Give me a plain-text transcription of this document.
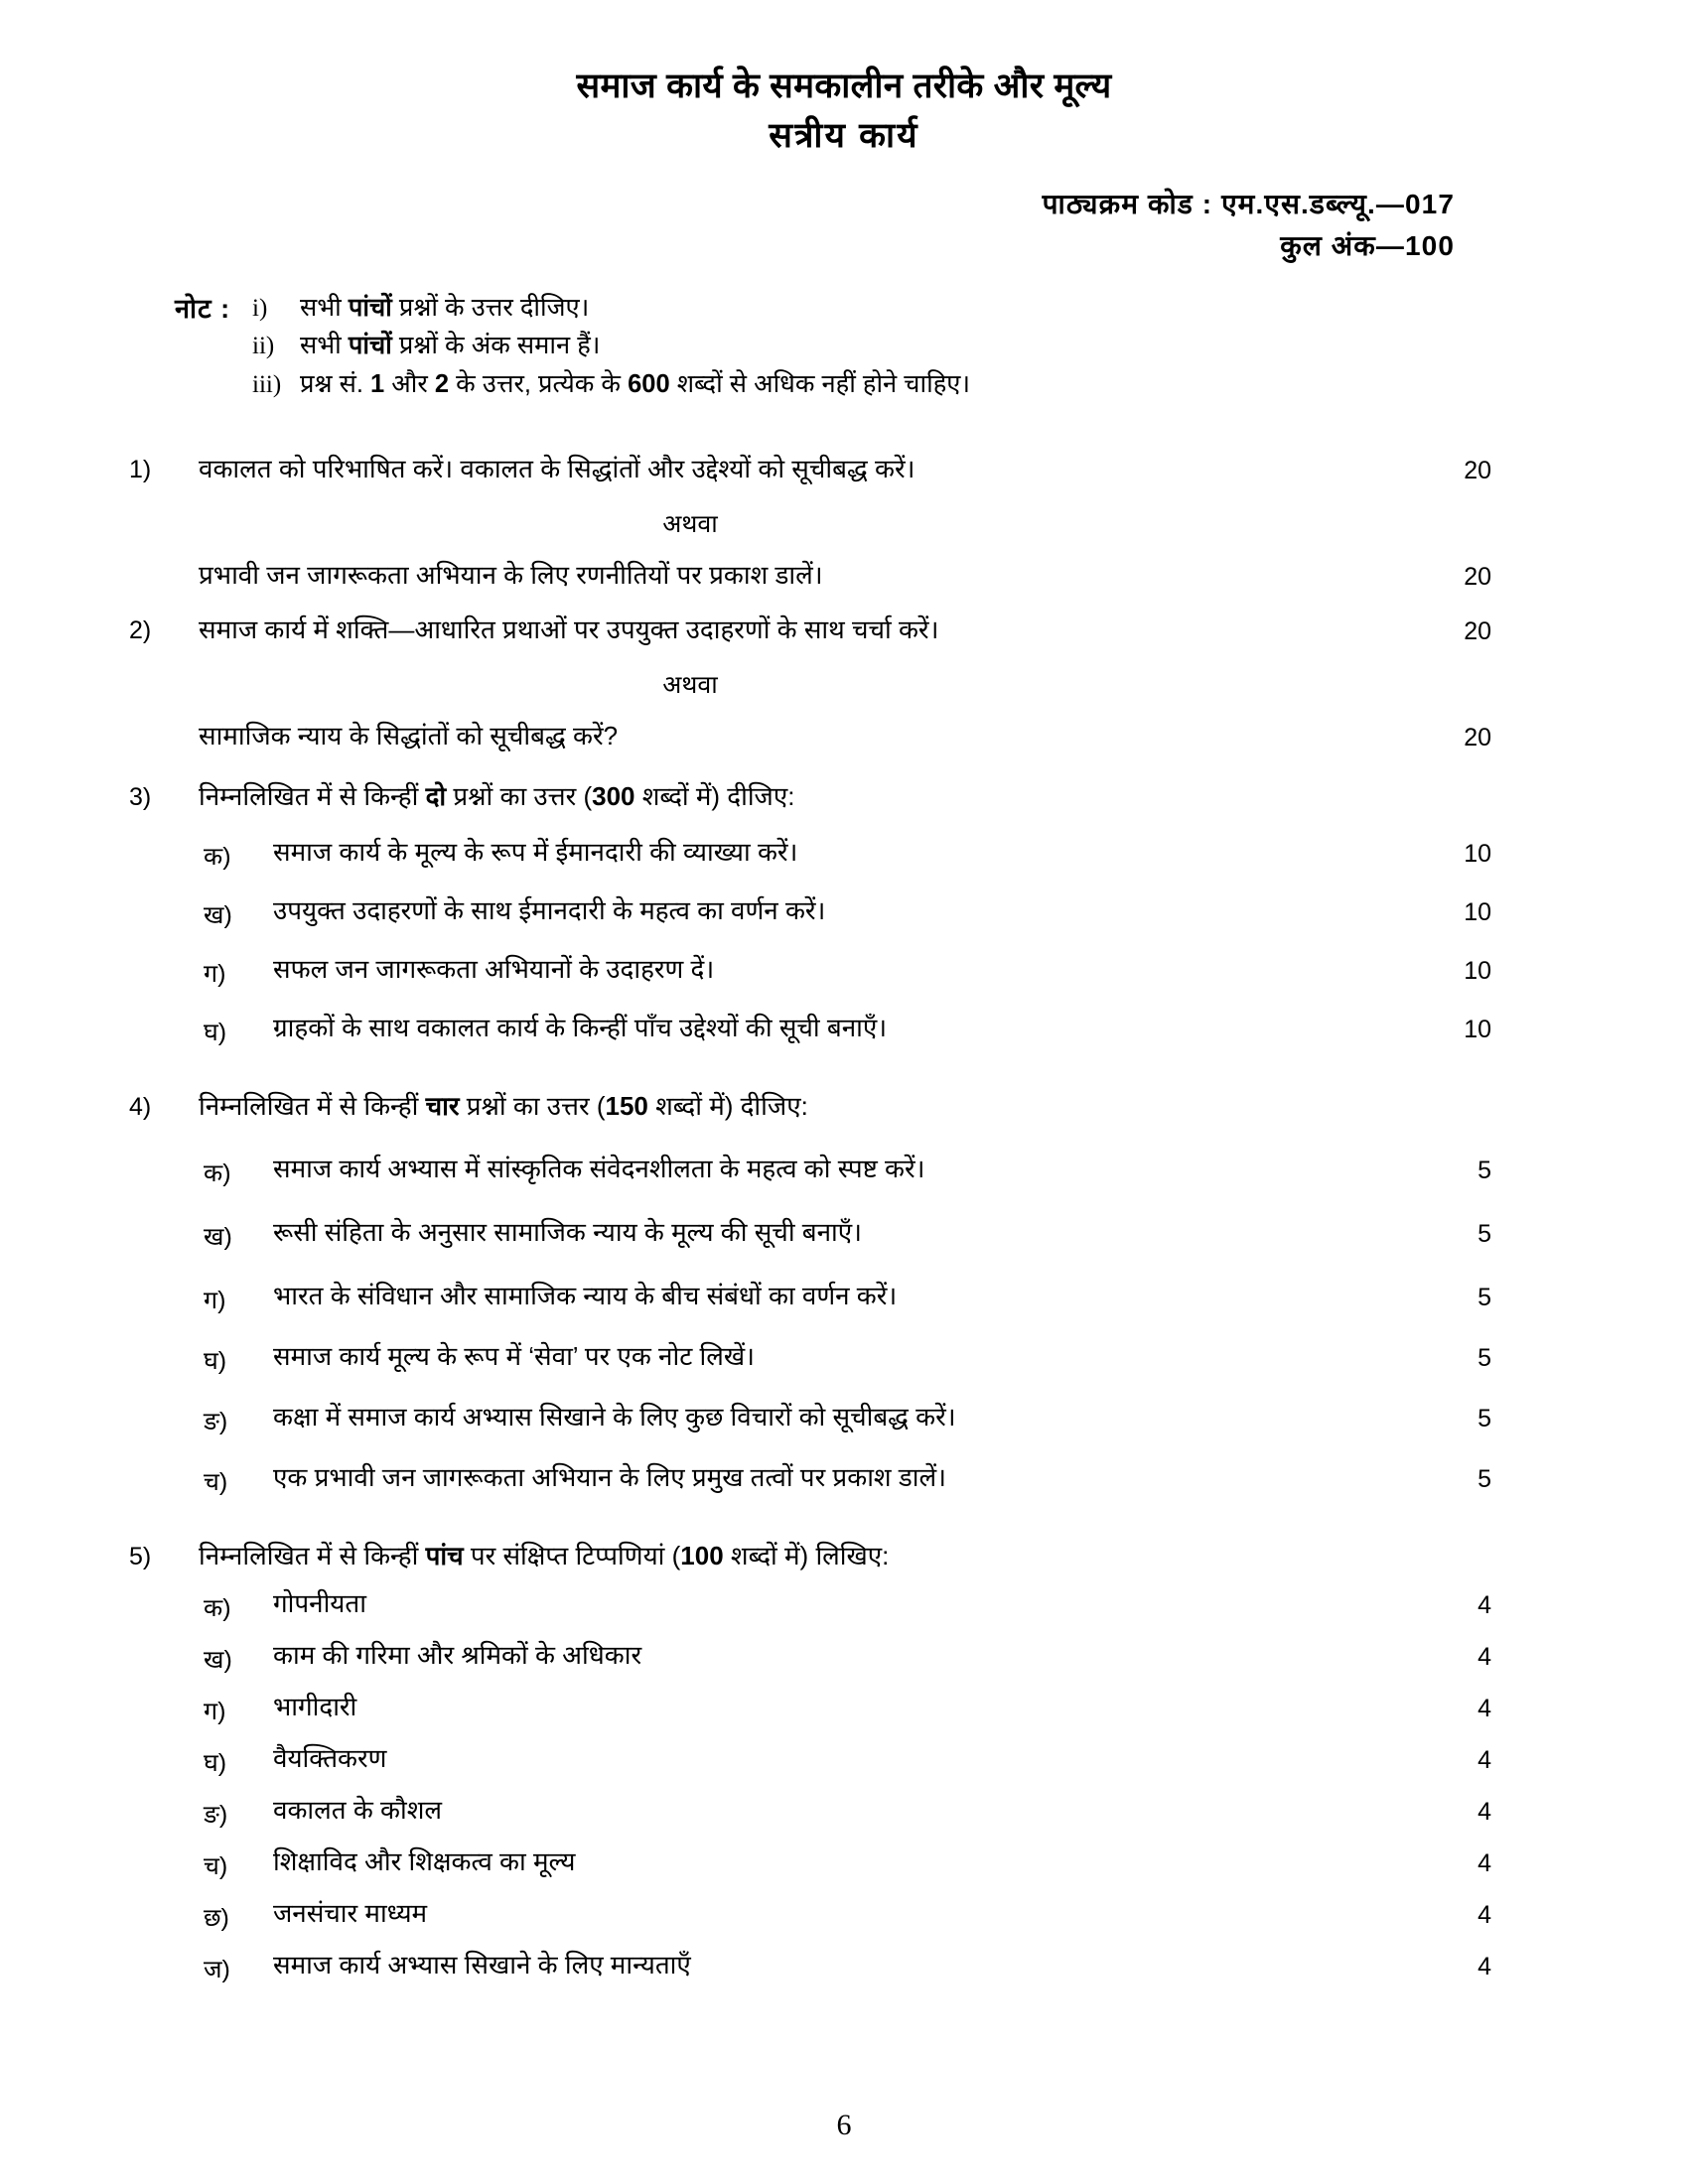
समाज कार्य के समकालीन तरीके और मूल्य
सत्रीय कार्य
पाठ्यक्रम कोड : एम.एस.डब्ल्यू.—017
कुल अंक—100
नोट : i)	सभी पांचों प्रश्नों के उत्तर दीजिए।
ii)	सभी पांचों प्रश्नों के अंक समान हैं।
iii) प्रश्न सं. 1 और 2 के उत्तर, प्रत्येक के 600 शब्दों से अधिक नहीं होने चाहिए।
1)	वकालत को परिभाषित करें। वकालत के सिद्धांतों और उद्देश्यों को सूचीबद्ध करें।	20
अथवा
प्रभावी जन जागरूकता अभियान के लिए रणनीतियों पर प्रकाश डालें।	20
2)	समाज कार्य में शक्ति—आधारित प्रथाओं पर उपयुक्त उदाहरणों के साथ चर्चा करें।	20
अथवा
सामाजिक न्याय के सिद्धांतों को सूचीबद्ध करें?	20
3)	निम्नलिखित में से किन्हीं दो प्रश्नों का उत्तर (300 शब्दों में) दीजिए:
क)	समाज कार्य के मूल्य के रूप में ईमानदारी की व्याख्या करें।	10
ख)	उपयुक्त उदाहरणों के साथ ईमानदारी के महत्व का वर्णन करें।	10
ग)	सफल जन जागरूकता अभियानों के उदाहरण दें।	10
घ)	ग्राहकों के साथ वकालत कार्य के किन्हीं पाँच उद्देश्यों की सूची बनाएँ।	10
4)	निम्नलिखित में से किन्हीं चार प्रश्नों का उत्तर (150 शब्दों में) दीजिए:
क)	समाज कार्य अभ्यास में सांस्कृतिक संवेदनशीलता के महत्व को स्पष्ट करें।	5
ख)	रूसी संहिता के अनुसार सामाजिक न्याय के मूल्य की सूची बनाएँ।	5
ग)	भारत के संविधान और सामाजिक न्याय के बीच संबंधों का वर्णन करें।	5
घ)	समाज कार्य मूल्य के रूप में ‘सेवा’ पर एक नोट लिखें।	5
ङ)	कक्षा में समाज कार्य अभ्यास सिखाने के लिए कुछ विचारों को सूचीबद्ध करें।	5
च)	एक प्रभावी जन जागरूकता अभियान के लिए प्रमुख तत्वों पर प्रकाश डालें।	5
5)	निम्नलिखित में से किन्हीं पांच पर संक्षिप्त टिप्पणियां (100 शब्दों में) लिखिए:
क)	गोपनीयता	4
ख)	काम की गरिमा और श्रमिकों के अधिकार	4
ग)	भागीदारी	4
घ)	वैयक्तिकरण	4
ङ)	वकालत के कौशल	4
च)	शिक्षाविद और शिक्षकत्व का मूल्य	4
छ)	जनसंचार माध्यम	4
ज)	समाज कार्य अभ्यास सिखाने के लिए मान्यताएँ	4
6
